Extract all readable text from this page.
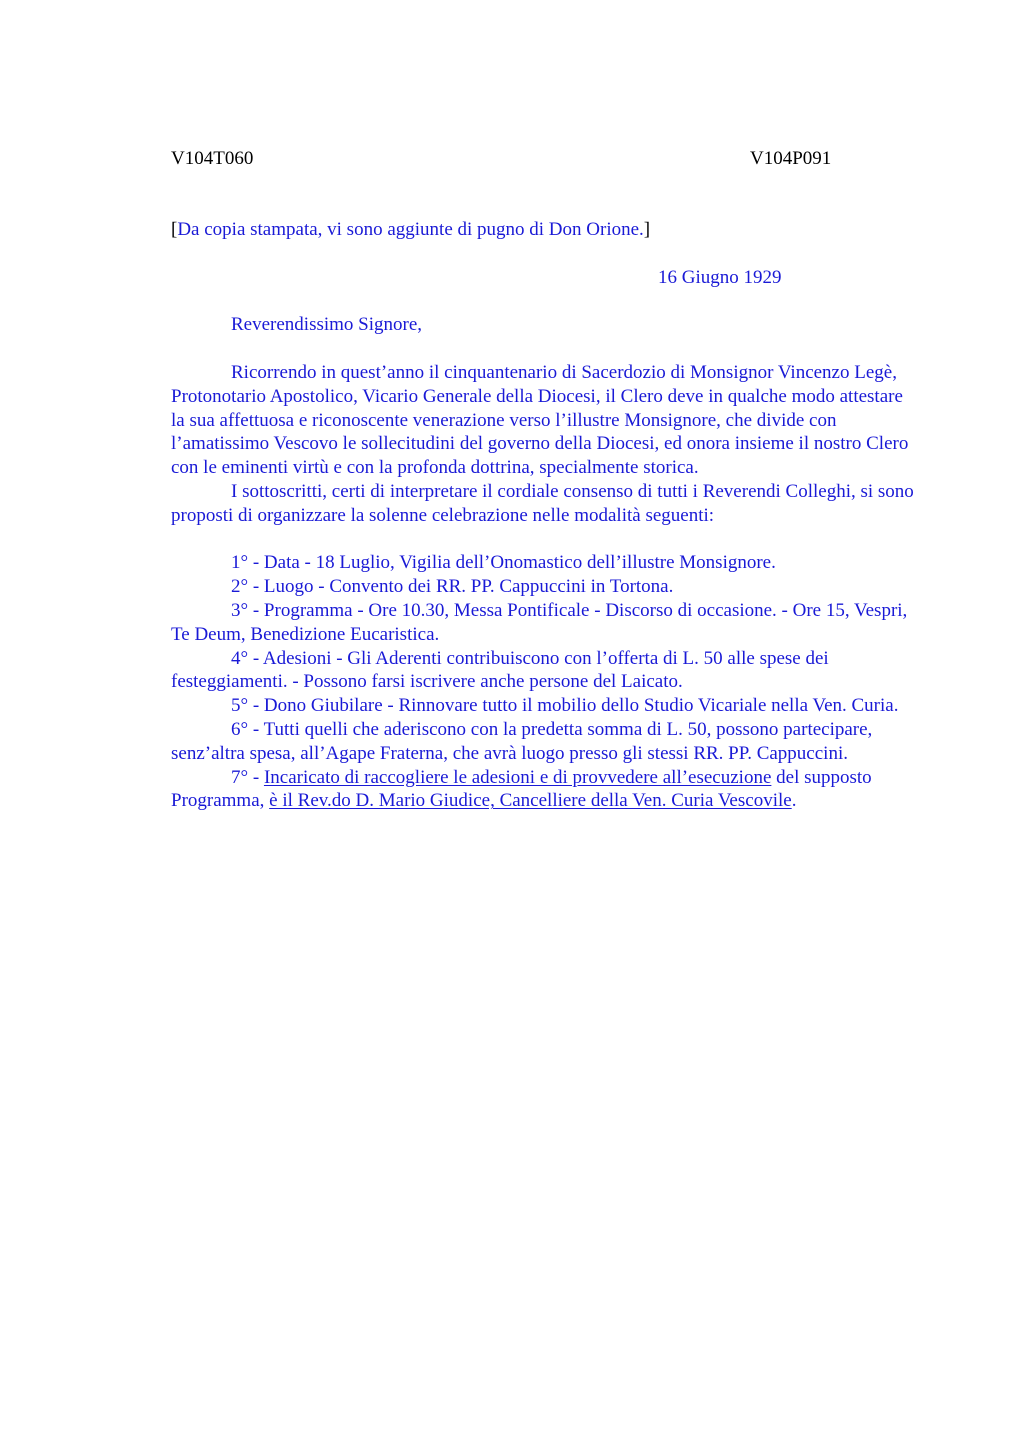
V104T060	V104P091
[Da copia stampata, vi sono aggiunte di pugno di Don Orione.]
16 Giugno 1929
Reverendissimo Signore,

Ricorrendo in quest’anno il cinquantenario di Sacerdozio di Monsignor Vincenzo Legè, Protonotario Apostolico, Vicario Generale della Diocesi, il Clero deve in qualche modo attestare la sua affettuosa e riconoscente venerazione verso l’illustre Monsignore, che divide con l’amatissimo Vescovo le sollecitudini del governo della Diocesi, ed onora insieme il nostro Clero con le eminenti virtù e con la profonda dottrina, specialmente storica.

I sottoscritti, certi di interpretare il cordiale consenso di tutti i Reverendi Colleghi, si sono proposti di organizzare la solenne celebrazione nelle modalità seguenti:

1° - Data - 18 Luglio, Vigilia dell’Onomastico dell’illustre Monsignore.

2° - Luogo - Convento dei RR. PP. Cappuccini in Tortona.

3° - Programma - Ore 10.30, Messa Pontificale - Discorso di occasione. - Ore 15, Vespri, Te Deum, Benedizione Eucaristica.

4° - Adesioni - Gli Aderenti contribuiscono con l’offerta di L. 50 alle spese dei festeggiamenti. - Possono farsi iscrivere anche persone del Laicato.

5° - Dono Giubilare - Rinnovare tutto il mobilio dello Studio Vicariale nella Ven. Curia.

6° - Tutti quelli che aderiscono con la predetta somma di L. 50, possono partecipare, senz’altra spesa, all’Agape Fraterna, che avrà luogo presso gli stessi RR. PP. Cappuccini.

7° - Incaricato di raccogliere le adesioni e di provvedere all’esecuzione del supposto Programma, è il Rev.do D. Mario Giudice, Cancelliere della Ven. Curia Vescovile.
